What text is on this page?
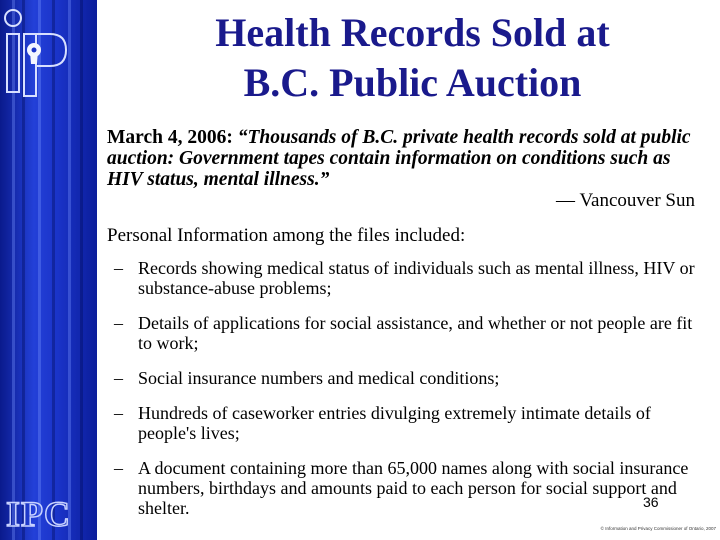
IPC
Health Records Sold at
B.C. Public Auction
March 4, 2006: “Thousands of B.C. private health records sold at public auction: Government tapes contain information on conditions such as HIV status, mental illness.”
— Vancouver Sun
Personal Information among the files included:
– Records showing medical status of individuals such as mental illness, HIV or substance-abuse problems;
– Details of applications for social assistance, and whether or not people are fit to work;
– Social insurance numbers and medical conditions;
– Hundreds of caseworker entries divulging extremely intimate details of people's lives;
– A document containing more than 65,000 names along with social insurance numbers, birthdays and amounts paid to each person for social support and shelter.	36
© Information and Privacy Commissioner of Ontario, 2007
